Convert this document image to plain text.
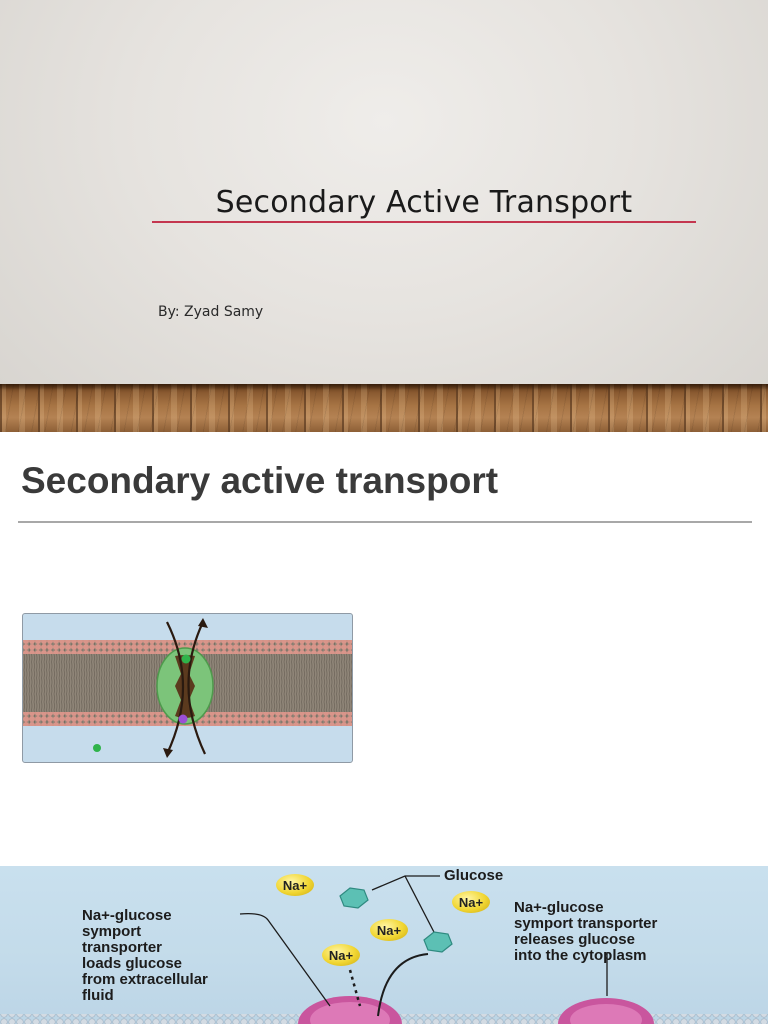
Secondary Active Transport
By: Zyad Samy
Secondary active transport
Na+
Na+
Na+
Na+
Glucose
Na+-glucose
symport
transporter
loads glucose
from extracellular
fluid
Na+-glucose
symport transporter
releases glucose
into the cytoplasm
